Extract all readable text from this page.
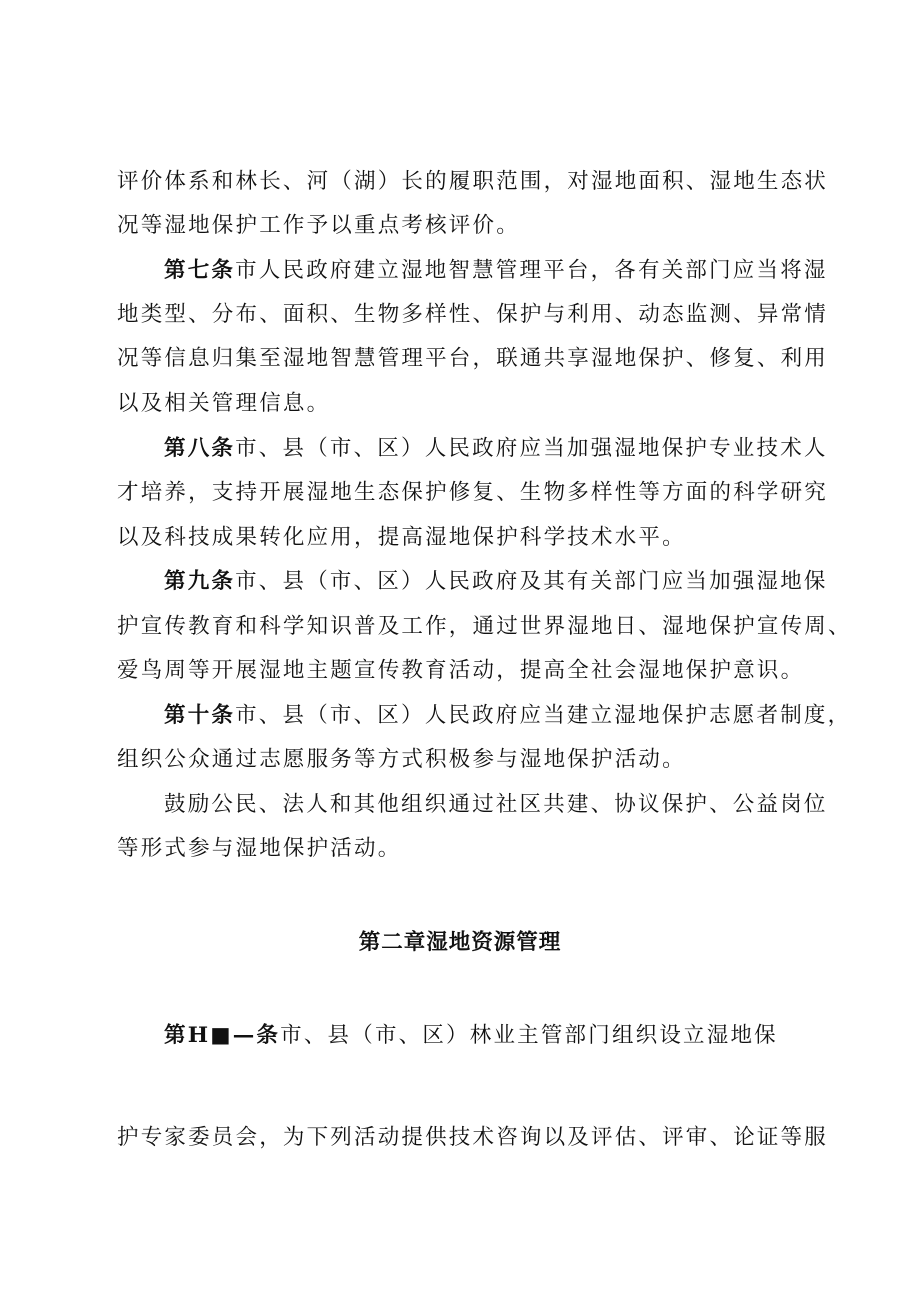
评价体系和林长、河（湖）长的履职范围，对湿地面积、湿地生态状
况等湿地保护工作予以重点考核评价。
第七条市人民政府建立湿地智慧管理平台，各有关部门应当将湿
地类型、分布、面积、生物多样性、保护与利用、动态监测、异常情
况等信息归集至湿地智慧管理平台，联通共享湿地保护、修复、利用
以及相关管理信息。
第八条市、县（市、区）人民政府应当加强湿地保护专业技术人
才培养，支持开展湿地生态保护修复、生物多样性等方面的科学研究
以及科技成果转化应用，提高湿地保护科学技术水平。
第九条市、县（市、区）人民政府及其有关部门应当加强湿地保
护宣传教育和科学知识普及工作，通过世界湿地日、湿地保护宣传周、
爱鸟周等开展湿地主题宣传教育活动，提高全社会湿地保护意识。
第十条市、县（市、区）人民政府应当建立湿地保护志愿者制度，
组织公众通过志愿服务等方式积极参与湿地保护活动。
鼓励公民、法人和其他组织通过社区共建、协议保护、公益岗位
等形式参与湿地保护活动。
第二章湿地资源管理
第H■—条市、县（市、区）林业主管部门组织设立湿地保
护专家委员会，为下列活动提供技术咨询以及评估、评审、论证等服
